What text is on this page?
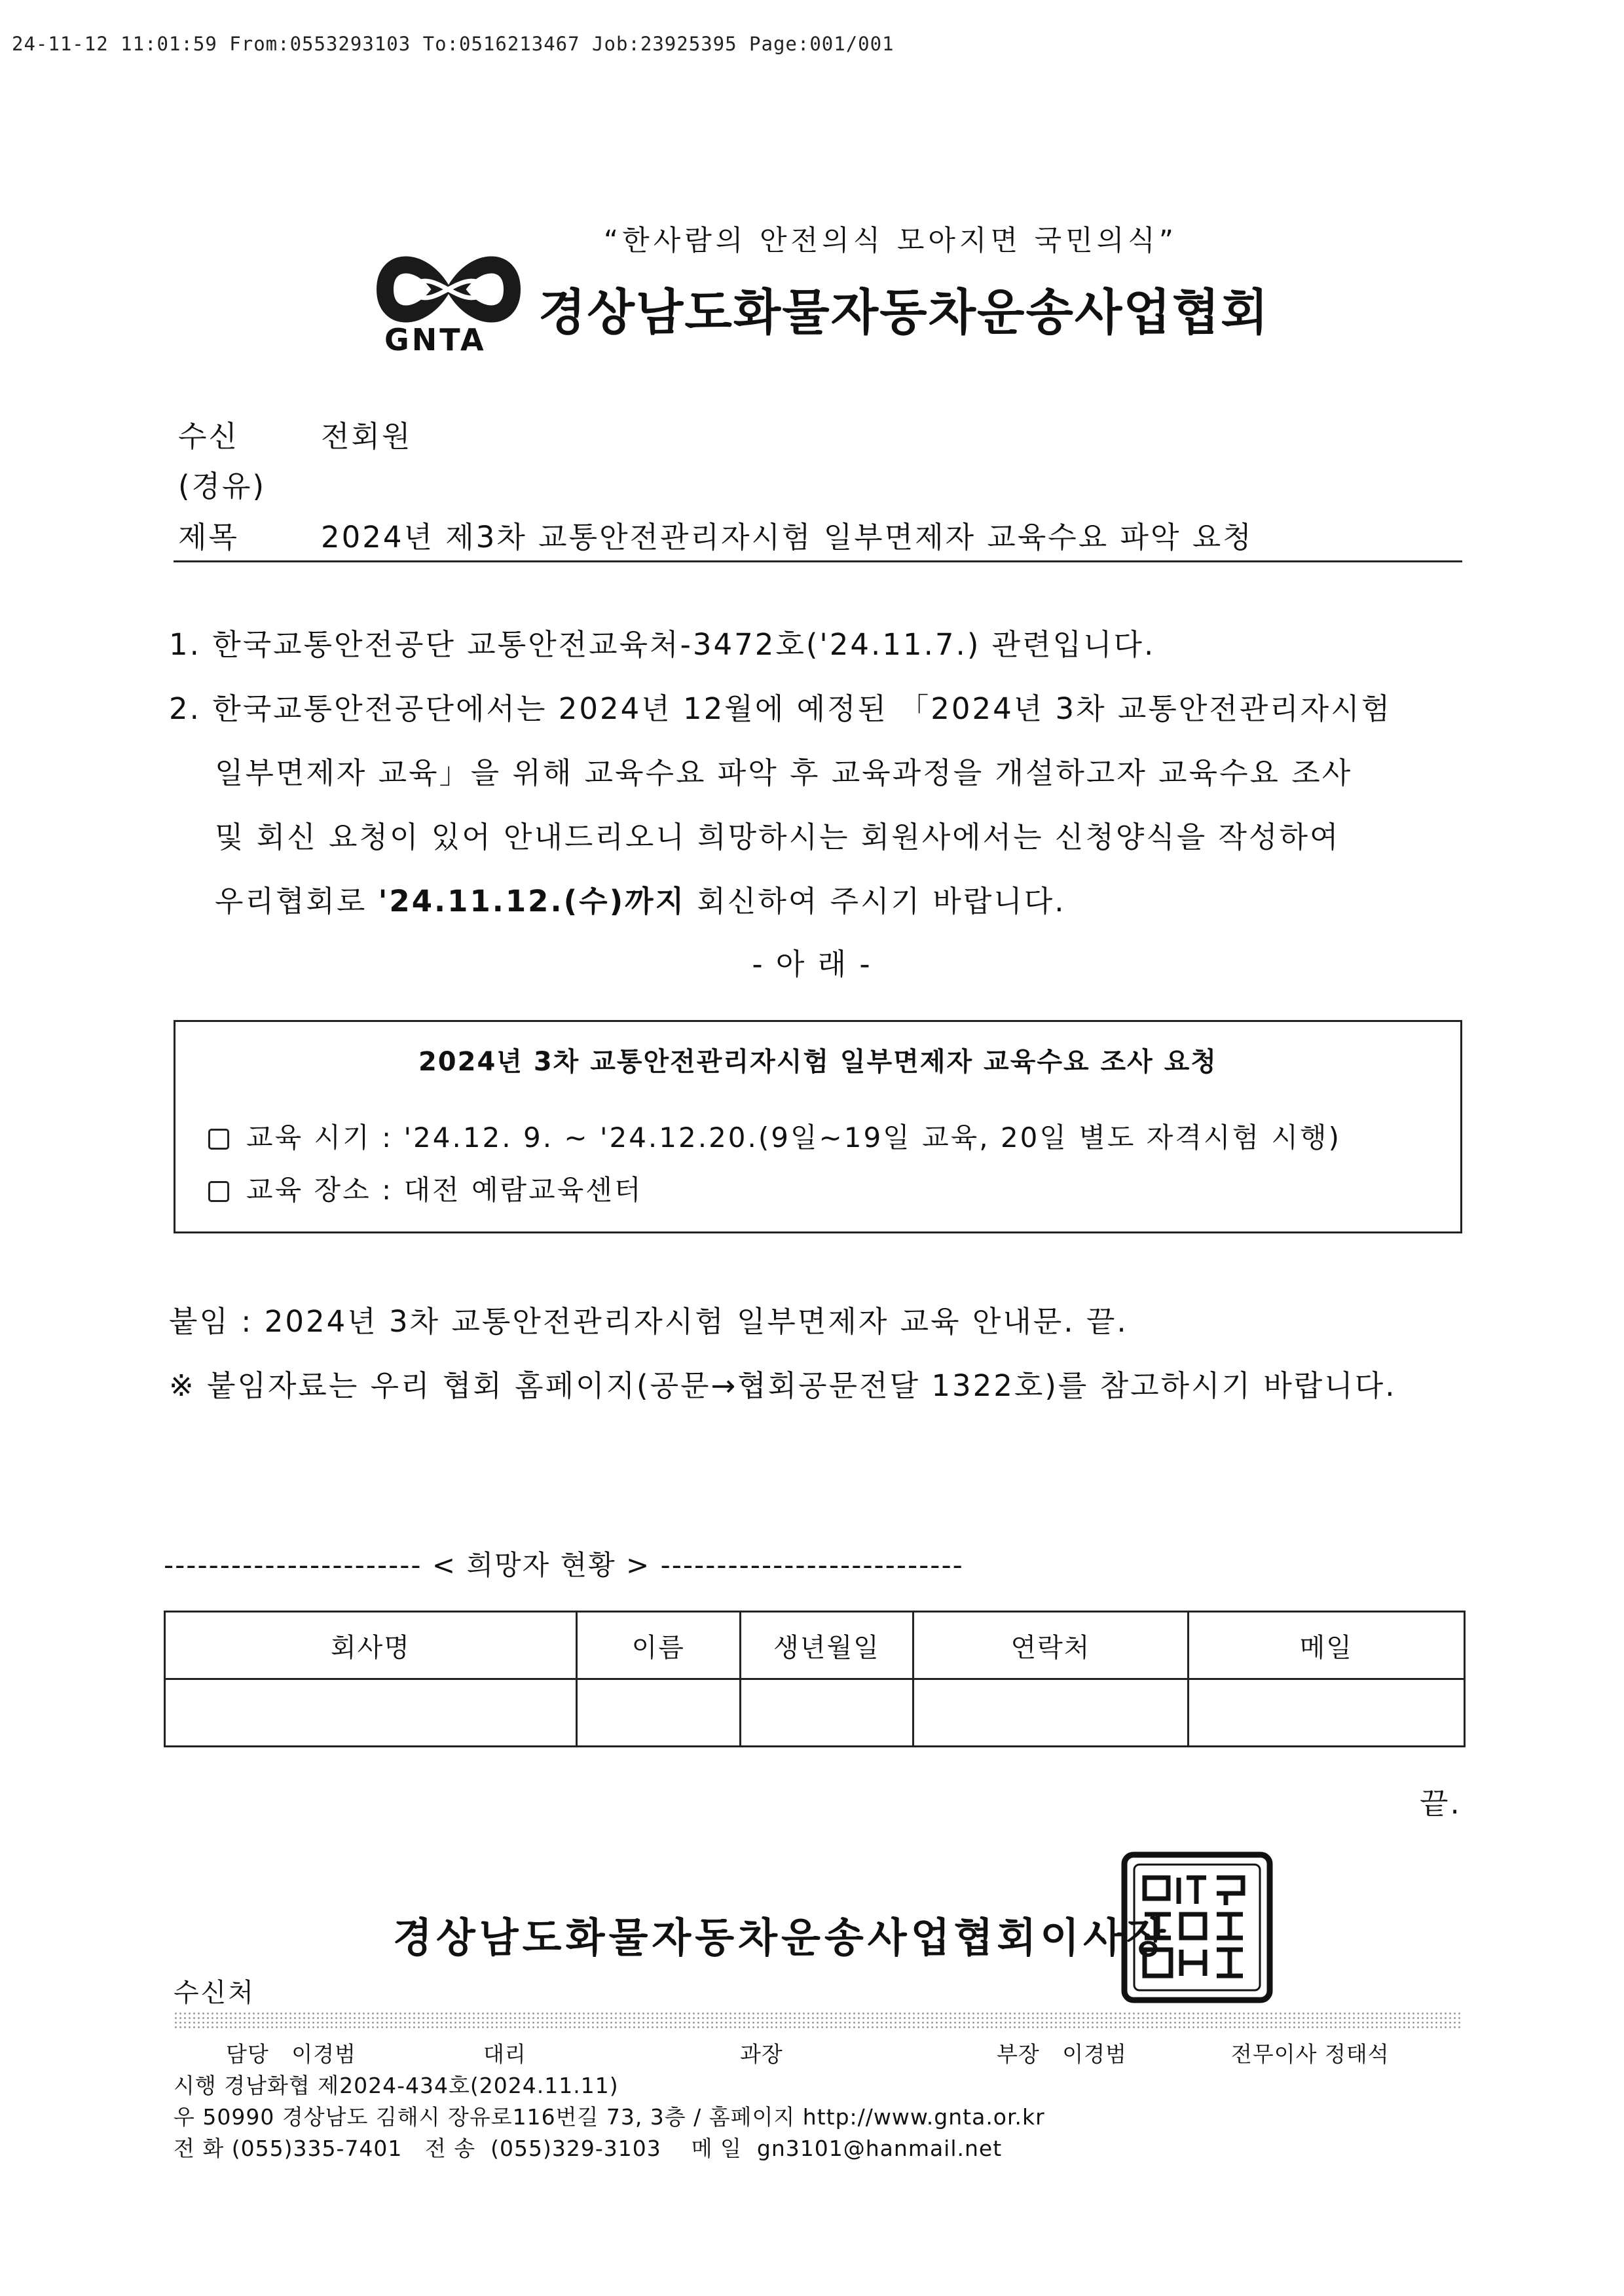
24-11-12 11:01:59 From:0553293103 To:0516213467 Job:23925395 Page:001/001
“한사람의 안전의식 모아지면 국민의식”
GNTA 경상남도화물자동차운송사업협회
수신	전회원
(경유)
제목	2024년 제3차 교통안전관리자시험 일부면제자 교육수요 파악 요청
1. 한국교통안전공단 교통안전교육처-3472호('24.11.7.) 관련입니다.
2. 한국교통안전공단에서는 2024년 12월에 예정된 「2024년 3차 교통안전관리자시험
일부면제자 교육」을 위해 교육수요 파악 후 교육과정을 개설하고자 교육수요 조사
및 회신 요청이 있어 안내드리오니 희망하시는 회원사에서는 신청양식을 작성하여
우리협회로 '24.11.12.(수)까지 회신하여 주시기 바랍니다.
- 아 래 -
2024년 3차 교통안전관리자시험 일부면제자 교육수요 조사 요청
교육 시기 : '24.12. 9. ~ '24.12.20.(9일~19일 교육, 20일 별도 자격시험 시행)
교육 장소 : 대전 예람교육센터
붙임 : 2024년 3차 교통안전관리자시험 일부면제자 교육 안내문. 끝.
※ 붙임자료는 우리 협회 홈페이지(공문→협회공문전달 1322호)를 참고하시기 바랍니다.
----------------------- < 희망자 현황 > ---------------------------
회사명	이름	생년월일	연락처	메일

끝.
경상남도화물자동차운송사업협회이사장
수신처
담당 이경범	대리	과장	부장 이경범	전무이사 정태석
시행 경남화협 제2024-434호(2024.11.11)
우 50990 경상남도 김해시 장유로116번길 73, 3층 / 홈페이지 http://www.gnta.or.kr
전 화 (055)335-7401 전 송 (055)329-3103 메 일 gn3101@hanmail.net
